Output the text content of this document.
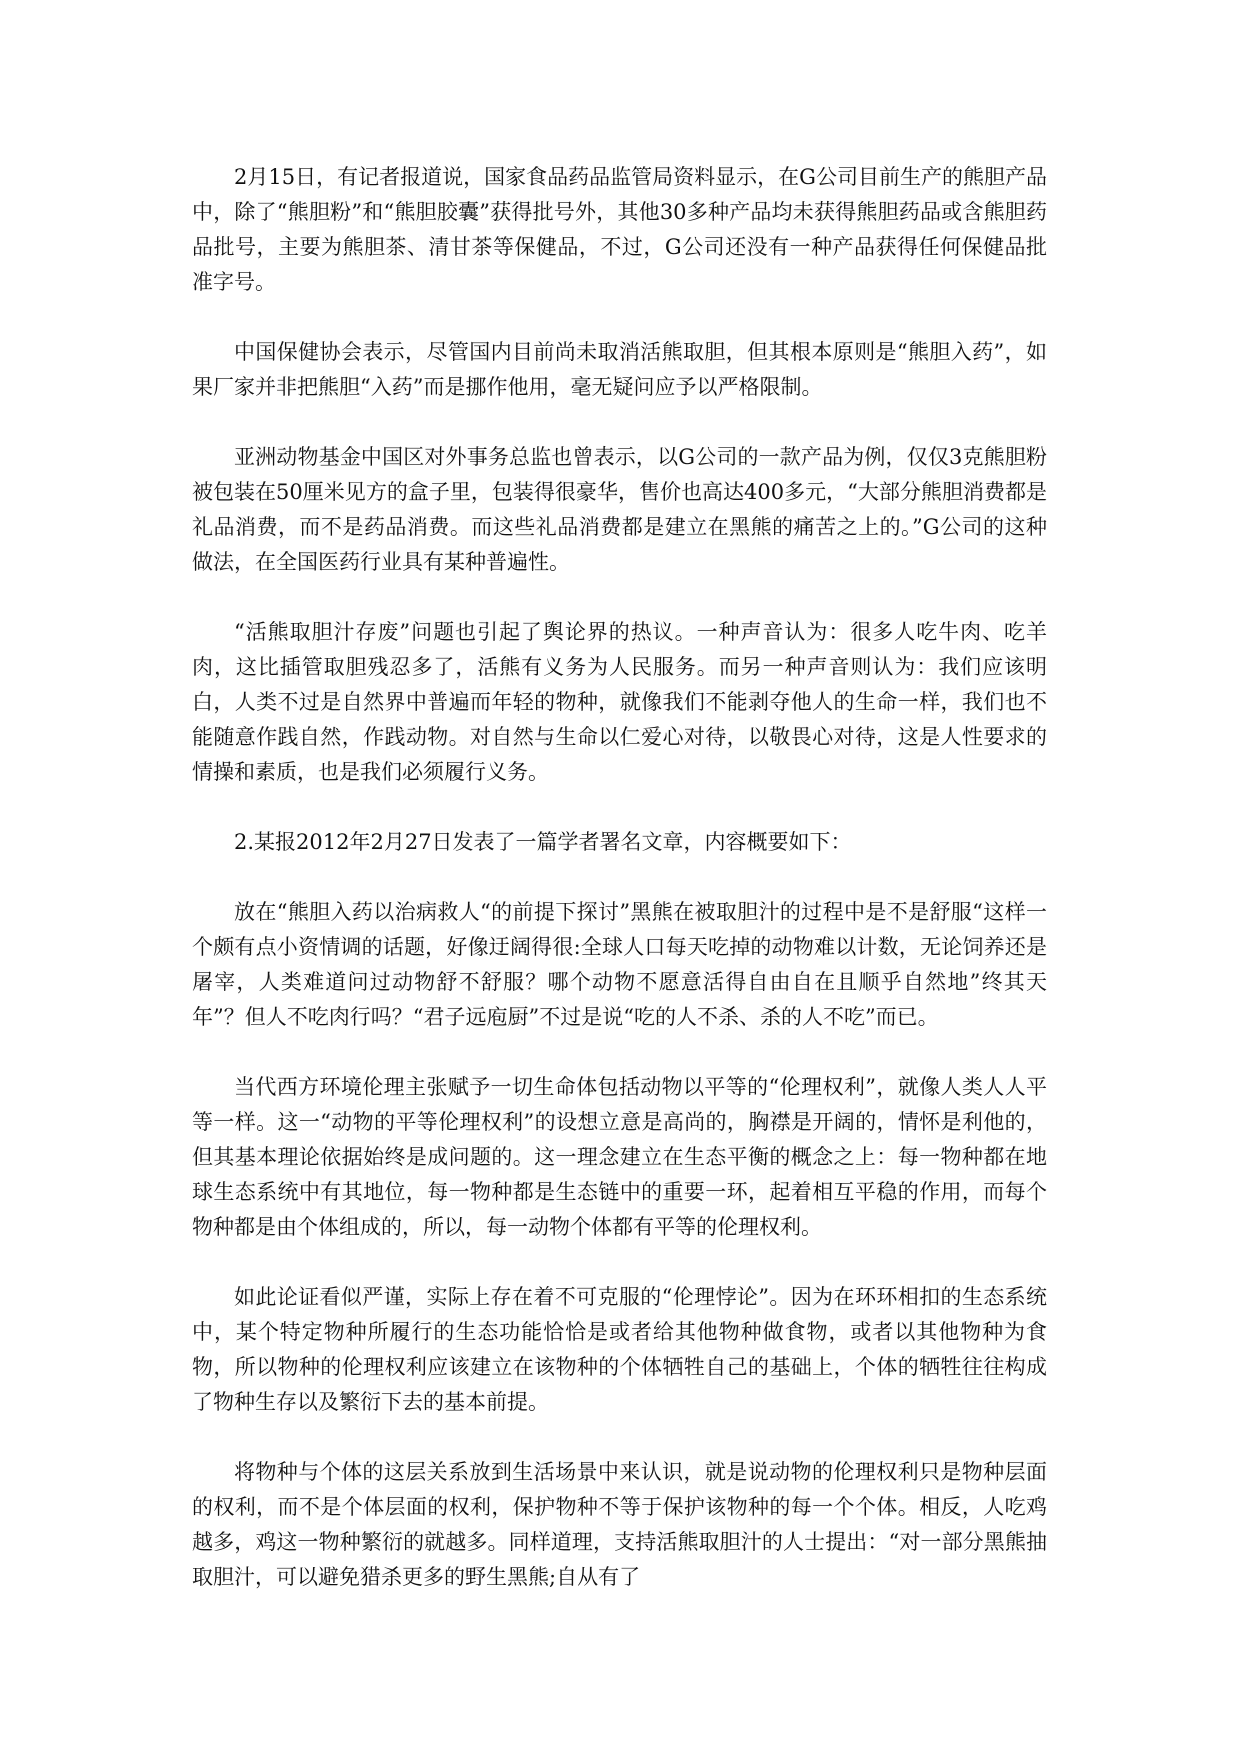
2月15日，有记者报道说，国家食品药品监管局资料显示，在G公司目前生产的熊胆产品中，除了“熊胆粉”和“熊胆胶囊”获得批号外，其他30多种产品均未获得熊胆药品或含熊胆药品批号，主要为熊胆茶、清甘茶等保健品，不过，G公司还没有一种产品获得任何保健品批准字号。

中国保健协会表示，尽管国内目前尚未取消活熊取胆，但其根本原则是“熊胆入药”，如果厂家并非把熊胆“入药”而是挪作他用，毫无疑问应予以严格限制。

亚洲动物基金中国区对外事务总监也曾表示，以G公司的一款产品为例，仅仅3克熊胆粉被包装在50厘米见方的盒子里，包装得很豪华，售价也高达400多元，“大部分熊胆消费都是礼品消费，而不是药品消费。而这些礼品消费都是建立在黑熊的痛苦之上的。”G公司的这种做法，在全国医药行业具有某种普遍性。

“活熊取胆汁存废”问题也引起了舆论界的热议。一种声音认为：很多人吃牛肉、吃羊肉，这比插管取胆残忍多了，活熊有义务为人民服务。而另一种声音则认为：我们应该明白，人类不过是自然界中普遍而年轻的物种，就像我们不能剥夺他人的生命一样，我们也不能随意作践自然，作践动物。对自然与生命以仁爱心对待，以敬畏心对待，这是人性要求的情操和素质，也是我们必须履行义务。

2.某报2012年2月27日发表了一篇学者署名文章，内容概要如下：

放在“熊胆入药以治病救人“的前提下探讨”黑熊在被取胆汁的过程中是不是舒服“这样一个颇有点小资情调的话题，好像迂阔得很:全球人口每天吃掉的动物难以计数，无论饲养还是屠宰，人类难道问过动物舒不舒服？哪个动物不愿意活得自由自在且顺乎自然地”终其天年”？但人不吃肉行吗？“君子远庖厨”不过是说“吃的人不杀、杀的人不吃”而已。

当代西方环境伦理主张赋予一切生命体包括动物以平等的“伦理权利”，就像人类人人平等一样。这一“动物的平等伦理权利”的设想立意是高尚的，胸襟是开阔的，情怀是利他的，但其基本理论依据始终是成问题的。这一理念建立在生态平衡的概念之上：每一物种都在地球生态系统中有其地位，每一物种都是生态链中的重要一环，起着相互平稳的作用，而每个物种都是由个体组成的，所以，每一动物个体都有平等的伦理权利。

如此论证看似严谨，实际上存在着不可克服的“伦理悖论”。因为在环环相扣的生态系统中，某个特定物种所履行的生态功能恰恰是或者给其他物种做食物，或者以其他物种为食物，所以物种的伦理权利应该建立在该物种的个体牺牲自己的基础上，个体的牺牲往往构成了物种生存以及繁衍下去的基本前提。

将物种与个体的这层关系放到生活场景中来认识，就是说动物的伦理权利只是物种层面的权利，而不是个体层面的权利，保护物种不等于保护该物种的每一个个体。相反，人吃鸡越多，鸡这一物种繁衍的就越多。同样道理，支持活熊取胆汁的人士提出：“对一部分黑熊抽取胆汁，可以避免猎杀更多的野生黑熊;自从有了
